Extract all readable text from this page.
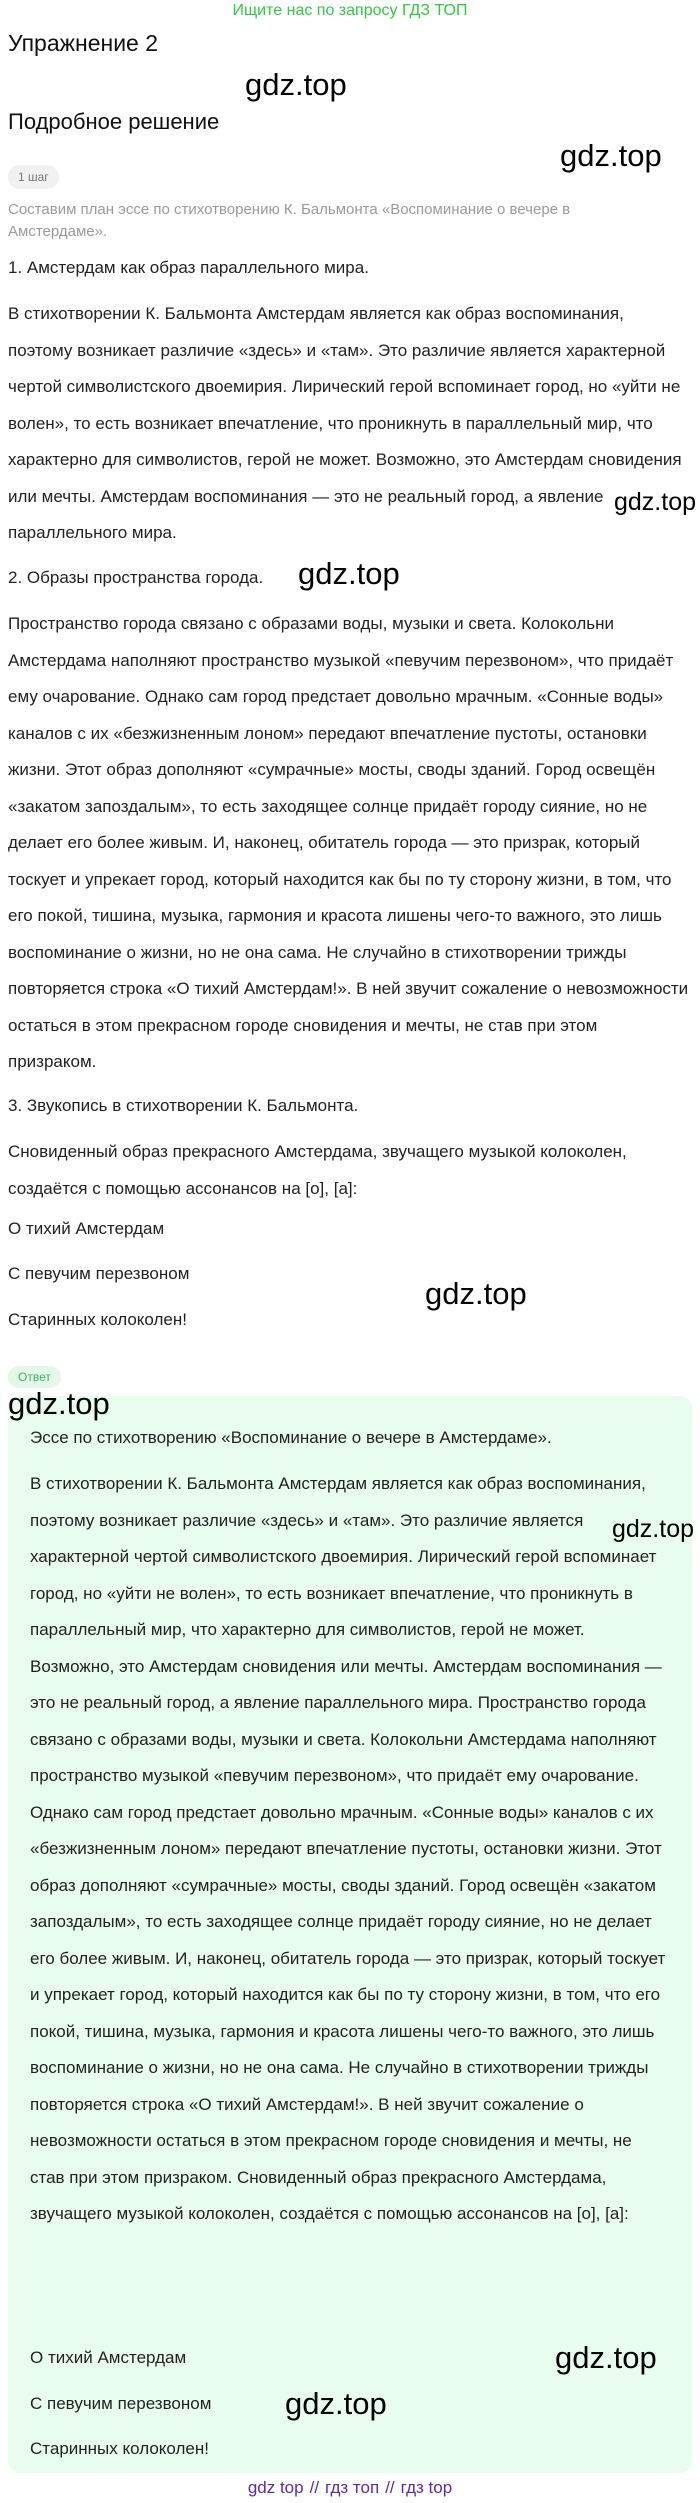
Ищите нас по запросу ГДЗ ТОП
Упражнение 2
Подробное решение
1 шаг

Составим план эссе по стихотворению К. Бальмонта «Воспоминание о вечере в Амстердаме».

1. Амстердам как образ параллельного мира.

В стихотворении К. Бальмонта Амстердам является как образ воспоминания, поэтому возникает различие «здесь» и «там». Это различие является характерной чертой символистского двоемирия. Лирический герой вспоминает город, но «уйти не волен», то есть возникает впечатление, что проникнуть в параллельный мир, что характерно для символистов, герой не может. Возможно, это Амстердам сновидения или мечты. Амстердам воспоминания — это не реальный город, а явление параллельного мира.

2. Образы пространства города.

Пространство города связано с образами воды, музыки и света. Колокольни Амстердама наполняют пространство музыкой «певучим перезвоном», что придаёт ему очарование. Однако сам город предстает довольно мрачным. «Сонные воды» каналов с их «безжизненным лоном» передают впечатление пустоты, остановки жизни. Этот образ дополняют «сумрачные» мосты, своды зданий. Город освещён «закатом запоздалым», то есть заходящее солнце придаёт городу сияние, но не делает его более живым. И, наконец, обитатель города — это призрак, который тоскует и упрекает город, который находится как бы по ту сторону жизни, в том, что его покой, тишина, музыка, гармония и красота лишены чего-то важного, это лишь воспоминание о жизни, но не она сама. Не случайно в стихотворении трижды повторяется строка «О тихий Амстердам!». В ней звучит сожаление о невозможности остаться в этом прекрасном городе сновидения и мечты, не став при этом призраком.

3. Звукопись в стихотворении К. Бальмонта.

Сновиденный образ прекрасного Амстердама, звучащего музыкой колоколен, создаётся с помощью ассонансов на [о], [а]:

О тихий Амстердам

С певучим перезвоном

Старинных колоколен!

Ответ

Эссе по стихотворению «Воспоминание о вечере в Амстердаме».

В стихотворении К. Бальмонта Амстердам является как образ воспоминания, поэтому возникает различие «здесь» и «там». Это различие является характерной чертой символистского двоемирия. Лирический герой вспоминает город, но «уйти не волен», то есть возникает впечатление, что проникнуть в параллельный мир, что характерно для символистов, герой не может. Возможно, это Амстердам сновидения или мечты. Амстердам воспоминания — это не реальный город, а явление параллельного мира. Пространство города связано с образами воды, музыки и света. Колокольни Амстердама наполняют пространство музыкой «певучим перезвоном», что придаёт ему очарование. Однако сам город предстает довольно мрачным. «Сонные воды» каналов с их «безжизненным лоном» передают впечатление пустоты, остановки жизни. Этот образ дополняют «сумрачные» мосты, своды зданий. Город освещён «закатом запоздалым», то есть заходящее солнце придаёт городу сияние, но не делает его более живым. И, наконец, обитатель города — это призрак, который тоскует и упрекает город, который находится как бы по ту сторону жизни, в том, что его покой, тишина, музыка, гармония и красота лишены чего-то важного, это лишь воспоминание о жизни, но не она сама. Не случайно в стихотворении трижды повторяется строка «О тихий Амстердам!». В ней звучит сожаление о невозможности остаться в этом прекрасном городе сновидения и мечты, не став при этом призраком. Сновиденный образ прекрасного Амстердама, звучащего музыкой колоколен, создаётся с помощью ассонансов на [о], [а]:

О тихий Амстердам

С певучим перезвоном

Старинных колоколен!

gdz.top
gdz.top
gdz.top
gdz.top
gdz.top
gdz.top
gdz.top
gdz.top
gdz.top
gdz top // гдз топ // гдз top
